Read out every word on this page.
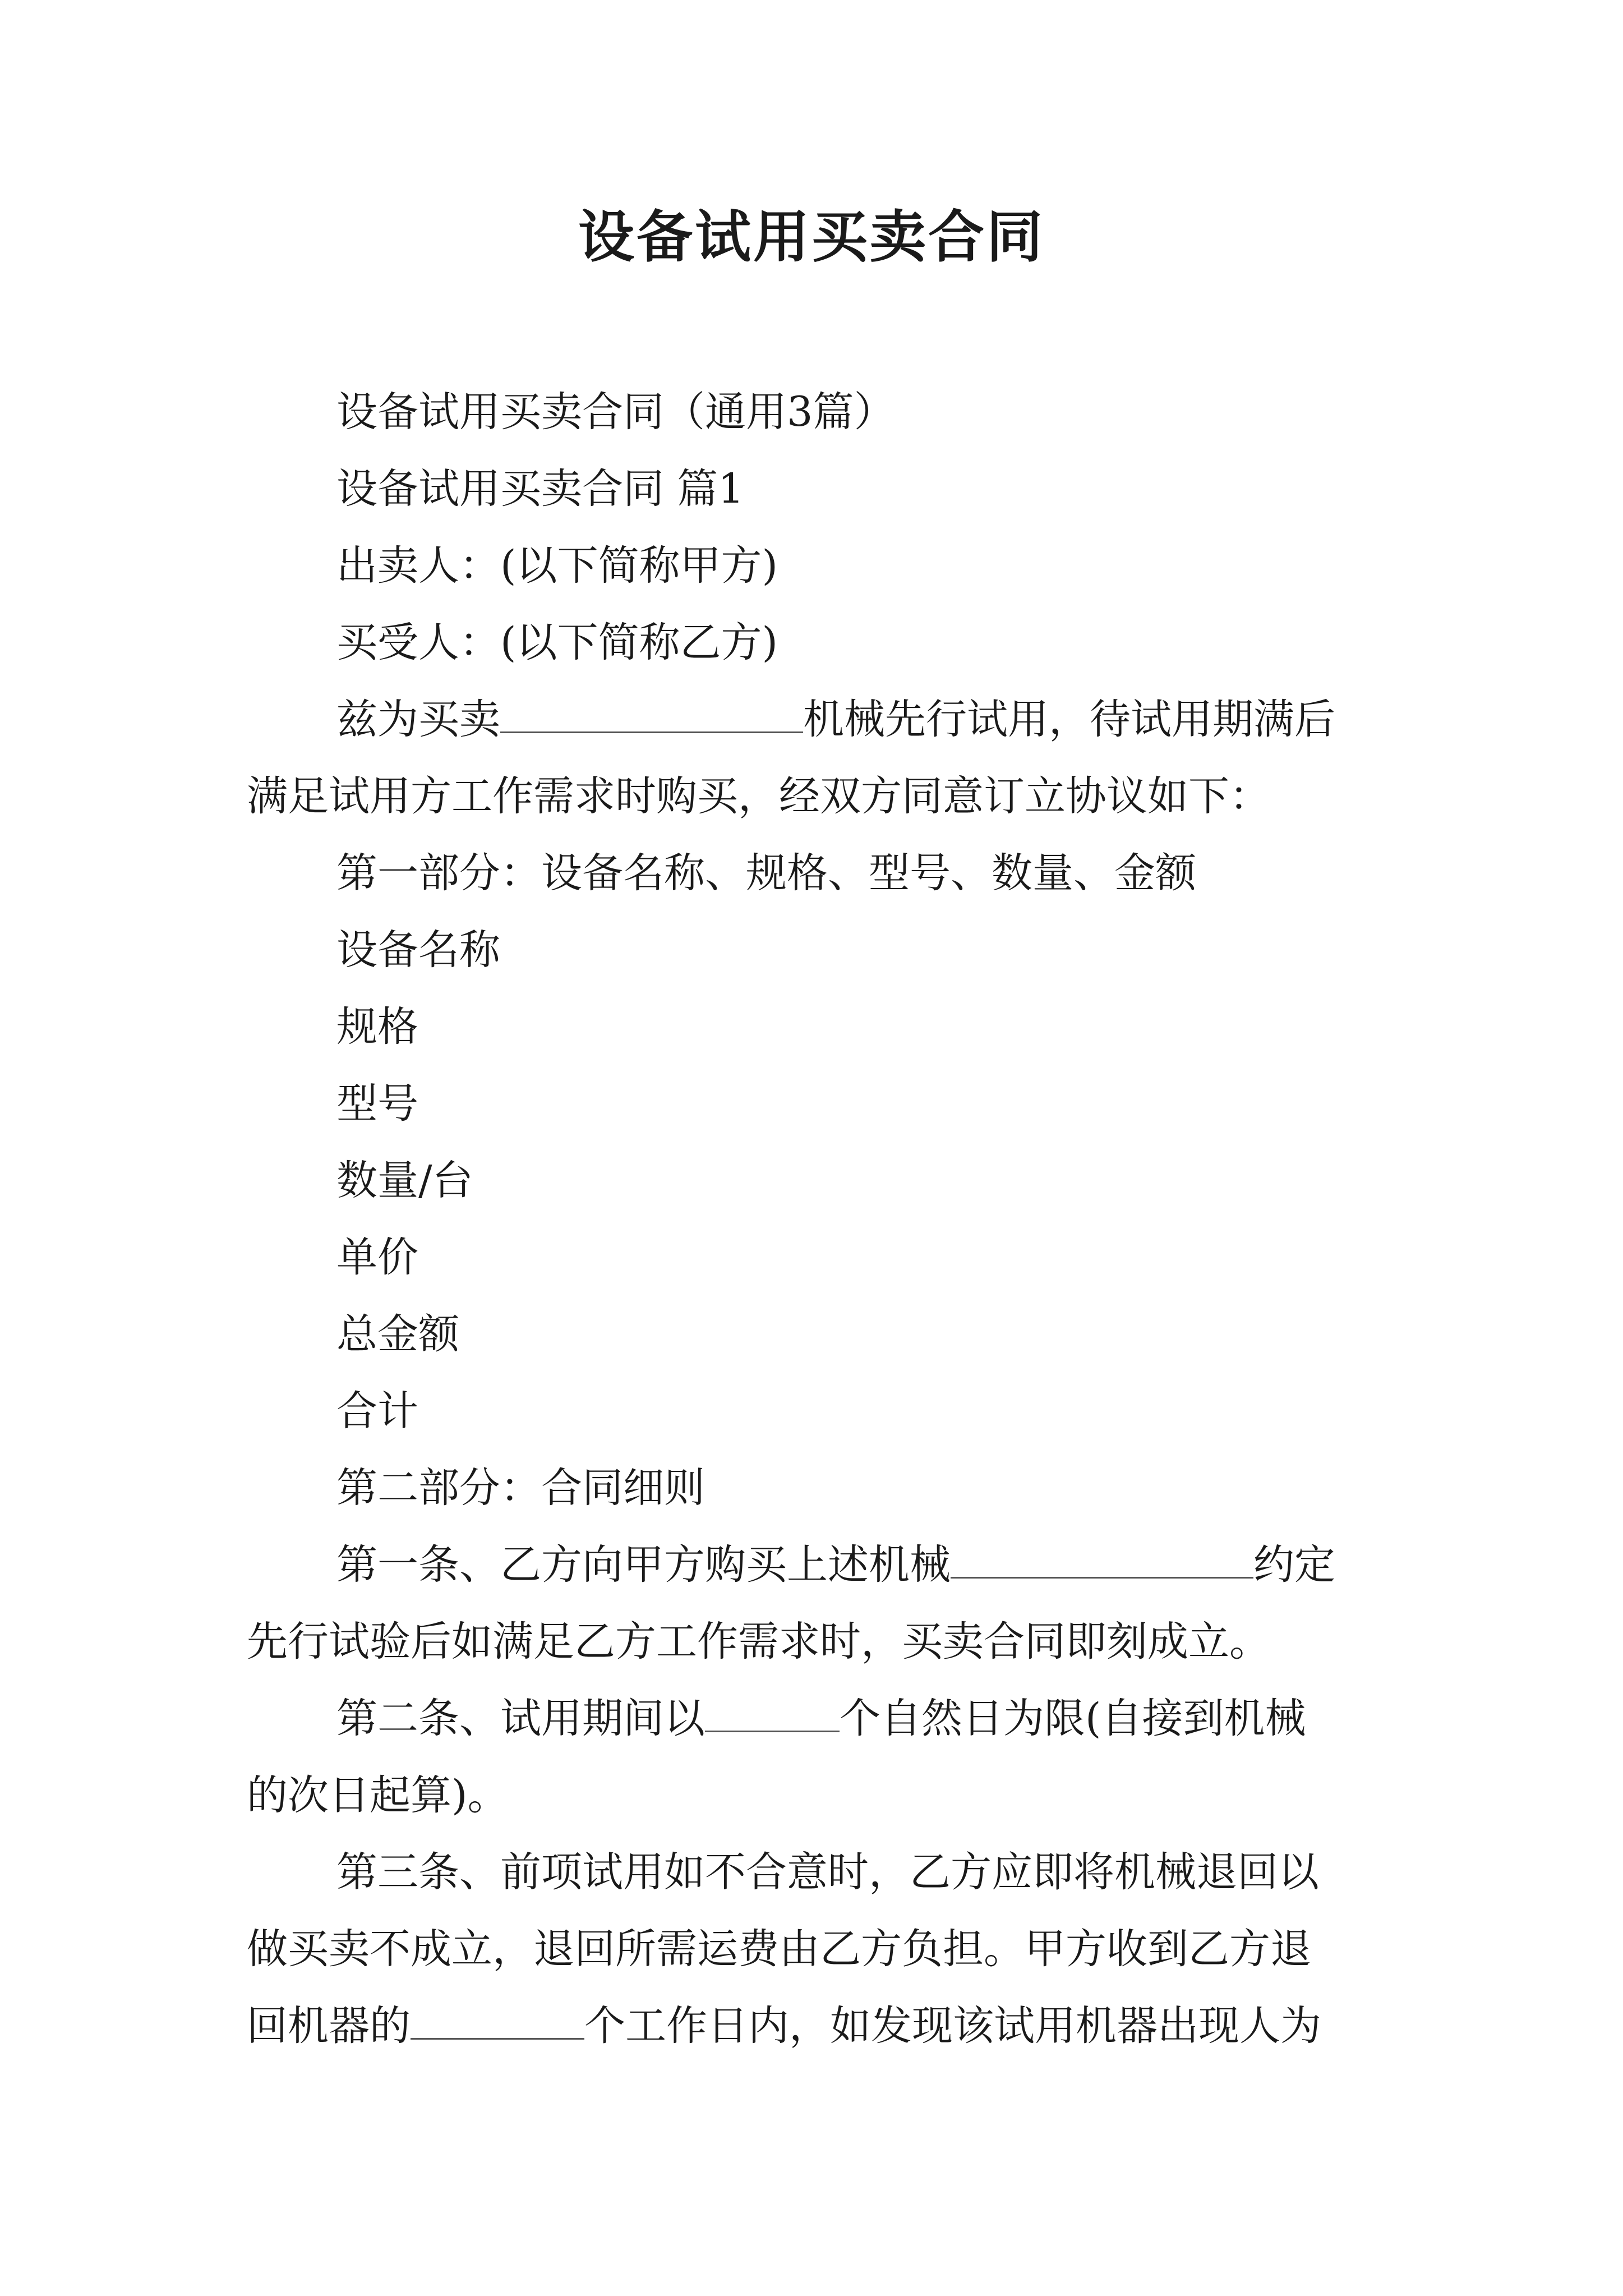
设备试用买卖合同

设备试用买卖合同（通用3篇）

设备试用买卖合同 篇1

出卖人：(以下简称甲方)

买受人：(以下简称乙方)

兹为买卖	机械先行试用，待试用期满后

满足试用方工作需求时购买，经双方同意订立协议如下：

第一部分：设备名称、规格、型号、数量、金额

设备名称

规格

型号

数量/台

单价

总金额

合计

第二部分：合同细则

第一条、乙方向甲方购买上述机械	约定

先行试验后如满足乙方工作需求时，买卖合同即刻成立。

第二条、试用期间以	个自然日为限(自接到机械

的次日起算)。

第三条、前项试用如不合意时，乙方应即将机械退回以

做买卖不成立，退回所需运费由乙方负担。甲方收到乙方退

回机器的	个工作日内，如发现该试用机器出现人为
